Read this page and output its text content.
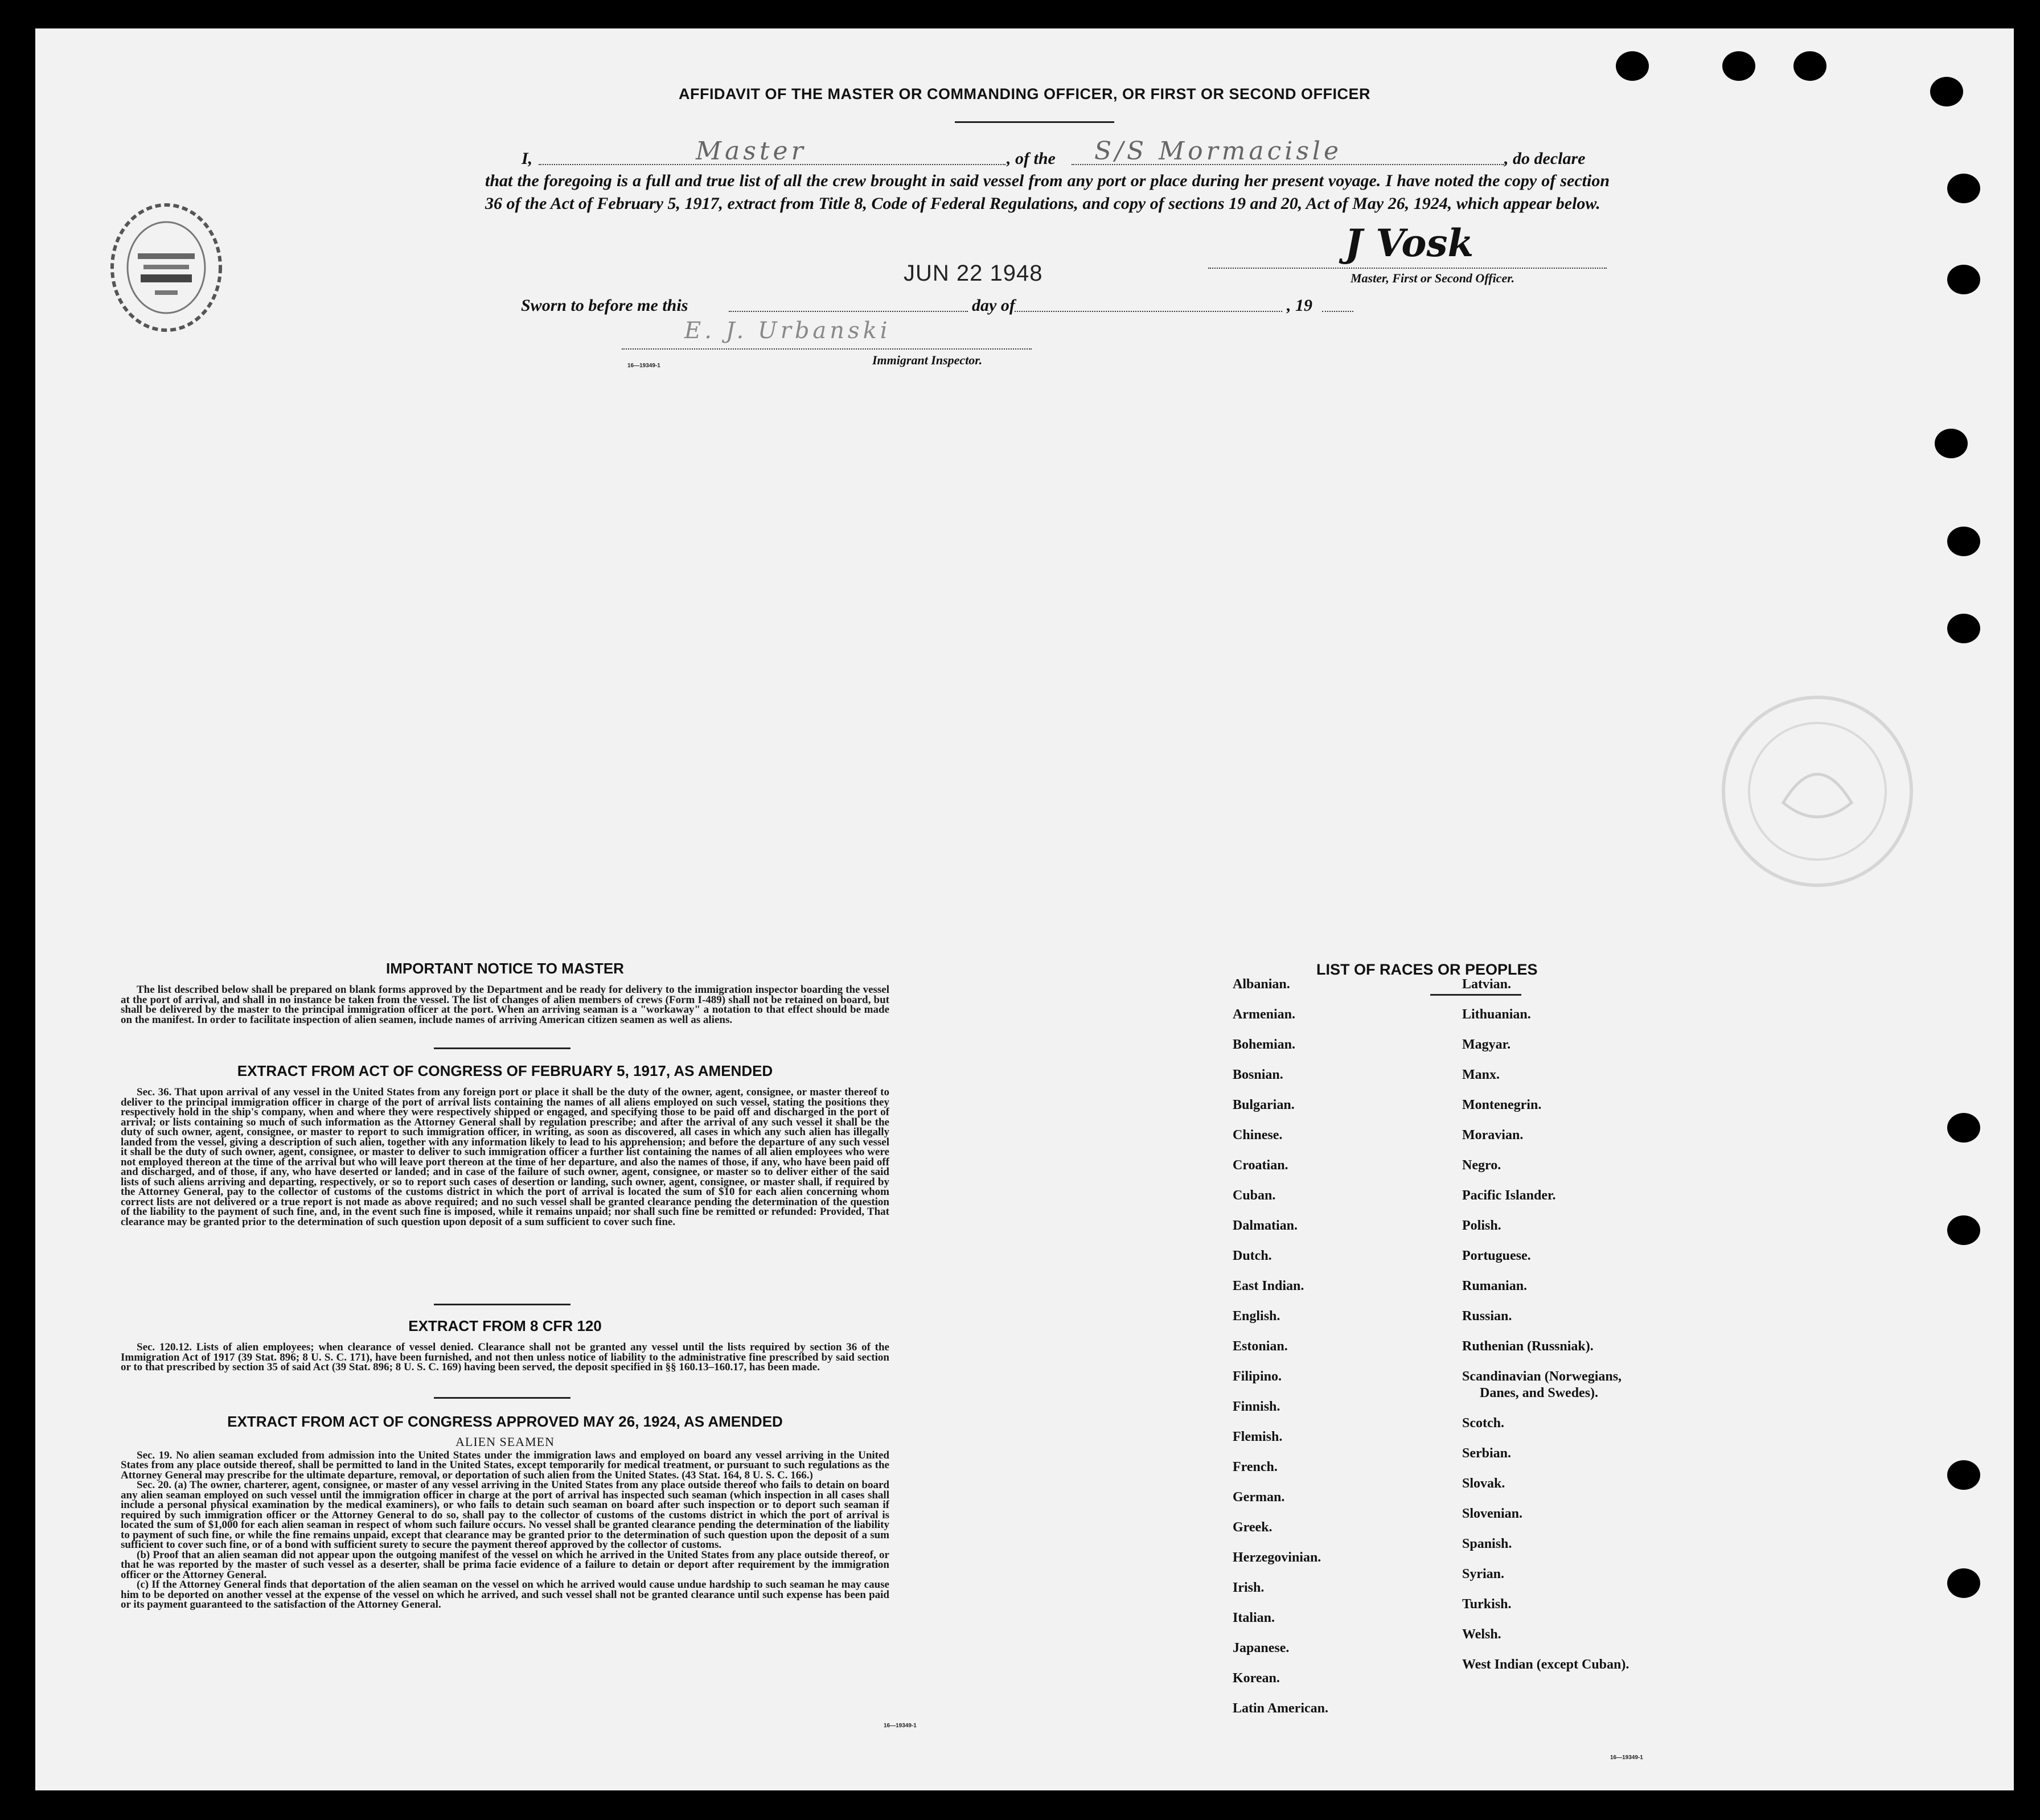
AFFIDAVIT OF THE MASTER OR COMMANDING OFFICER, OR FIRST OR SECOND OFFICER
I,	Master	, of the S/S Mormacisle	, do declare
that the foregoing is a full and true list of all the crew brought in said vessel from any port or place during her present voyage. I have noted the copy of section 36 of the Act of February 5, 1917, extract from Title 8, Code of Federal Regulations, and copy of sections 19 and 20, Act of May 26, 1924, which appear below.
J Vosk
Master, First or Second Officer.
JUN 22 1948
Sworn to before me this	day of	, 19
E. J. Urbanski
Immigrant Inspector.
16—19349-1
IMPORTANT NOTICE TO MASTER

The list described below shall be prepared on blank forms approved by the Department and be ready for delivery to the immigration inspector boarding the vessel at the port of arrival, and shall in no instance be taken from the vessel. The list of changes of alien members of crews (Form I-489) shall not be retained on board, but shall be delivered by the master to the principal immigration officer at the port. When an arriving seaman is a "workaway" a notation to that effect should be made on the manifest. In order to facilitate inspection of alien seamen, include names of arriving American citizen seamen as well as aliens.

EXTRACT FROM ACT OF CONGRESS OF FEBRUARY 5, 1917, AS AMENDED

Sec. 36. That upon arrival of any vessel in the United States from any foreign port or place it shall be the duty of the owner, agent, consignee, or master thereof to deliver to the principal immigration officer in charge of the port of arrival lists containing the names of all aliens employed on such vessel, stating the positions they respectively hold in the ship's company, when and where they were respectively shipped or engaged, and specifying those to be paid off and discharged in the port of arrival; or lists containing so much of such information as the Attorney General shall by regulation prescribe; and after the arrival of any such vessel it shall be the duty of such owner, agent, consignee, or master to report to such immigration officer, in writing, as soon as discovered, all cases in which any such alien has illegally landed from the vessel, giving a description of such alien, together with any information likely to lead to his apprehension; and before the departure of any such vessel it shall be the duty of such owner, agent, consignee, or master to deliver to such immigration officer a further list containing the names of all alien employees who were not employed thereon at the time of the arrival but who will leave port thereon at the time of her departure, and also the names of those, if any, who have been paid off and discharged, and of those, if any, who have deserted or landed; and in case of the failure of such owner, agent, consignee, or master so to deliver either of the said lists of such aliens arriving and departing, respectively, or so to report such cases of desertion or landing, such owner, agent, consignee, or master shall, if required by the Attorney General, pay to the collector of customs of the customs district in which the port of arrival is located the sum of $10 for each alien concerning whom correct lists are not delivered or a true report is not made as above required; and no such vessel shall be granted clearance pending the determination of the question of the liability to the payment of such fine, and, in the event such fine is imposed, while it remains unpaid; nor shall such fine be remitted or refunded: Provided, That clearance may be granted prior to the determination of such question upon deposit of a sum sufficient to cover such fine.

EXTRACT FROM 8 CFR 120

Sec. 120.12. Lists of alien employees; when clearance of vessel denied. Clearance shall not be granted any vessel until the lists required by section 36 of the Immigration Act of 1917 (39 Stat. 896; 8 U. S. C. 171), have been furnished, and not then unless notice of liability to the administrative fine prescribed by said section or to that prescribed by section 35 of said Act (39 Stat. 896; 8 U. S. C. 169) having been served, the deposit specified in §§ 160.13–160.17, has been made.

EXTRACT FROM ACT OF CONGRESS APPROVED MAY 26, 1924, AS AMENDED

ALIEN SEAMEN

Sec. 19. No alien seaman excluded from admission into the United States under the immigration laws and employed on board any vessel arriving in the United States from any place outside thereof, shall be permitted to land in the United States, except temporarily for medical treatment, or pursuant to such regulations as the Attorney General may prescribe for the ultimate departure, removal, or deportation of such alien from the United States. (43 Stat. 164, 8 U. S. C. 166.)

Sec. 20. (a) The owner, charterer, agent, consignee, or master of any vessel arriving in the United States from any place outside thereof who fails to detain on board any alien seaman employed on such vessel until the immigration officer in charge at the port of arrival has inspected such seaman (which inspection in all cases shall include a personal physical examination by the medical examiners), or who fails to detain such seaman on board after such inspection or to deport such seaman if required by such immigration officer or the Attorney General to do so, shall pay to the collector of customs of the customs district in which the port of arrival is located the sum of $1,000 for each alien seaman in respect of whom such failure occurs. No vessel shall be granted clearance pending the determination of the liability to payment of such fine, or while the fine remains unpaid, except that clearance may be granted prior to the determination of such question upon the deposit of a sum sufficient to cover such fine, or of a bond with sufficient surety to secure the payment thereof approved by the collector of customs.

(b) Proof that an alien seaman did not appear upon the outgoing manifest of the vessel on which he arrived in the United States from any place outside thereof, or that he was reported by the master of such vessel as a deserter, shall be prima facie evidence of a failure to detain or deport after requirement by the immigration officer or the Attorney General.

(c) If the Attorney General finds that deportation of the alien seaman on the vessel on which he arrived would cause undue hardship to such seaman he may cause him to be deported on another vessel at the expense of the vessel on which he arrived, and such vessel shall not be granted clearance until such expense has been paid or its payment guaranteed to the satisfaction of the Attorney General.

16—19349-1
LIST OF RACES OR PEOPLES
Albanian.
Armenian.
Bohemian.
Bosnian.
Bulgarian.
Chinese.
Croatian.
Cuban.
Dalmatian.
Dutch.
East Indian.
English.
Estonian.
Filipino.
Finnish.
Flemish.
French.
German.
Greek.
Herzegovinian.
Irish.
Italian.
Japanese.
Korean.
Latin American.
Latvian.
Lithuanian.
Magyar.
Manx.
Montenegrin.
Moravian.
Negro.
Pacific Islander.
Polish.
Portuguese.
Rumanian.
Russian.
Ruthenian (Russniak).
Scandinavian (Norwegians,
Danes, and Swedes).
Scotch.
Serbian.
Slovak.
Slovenian.
Spanish.
Syrian.
Turkish.
Welsh.
West Indian (except Cuban).
16—19349-1
